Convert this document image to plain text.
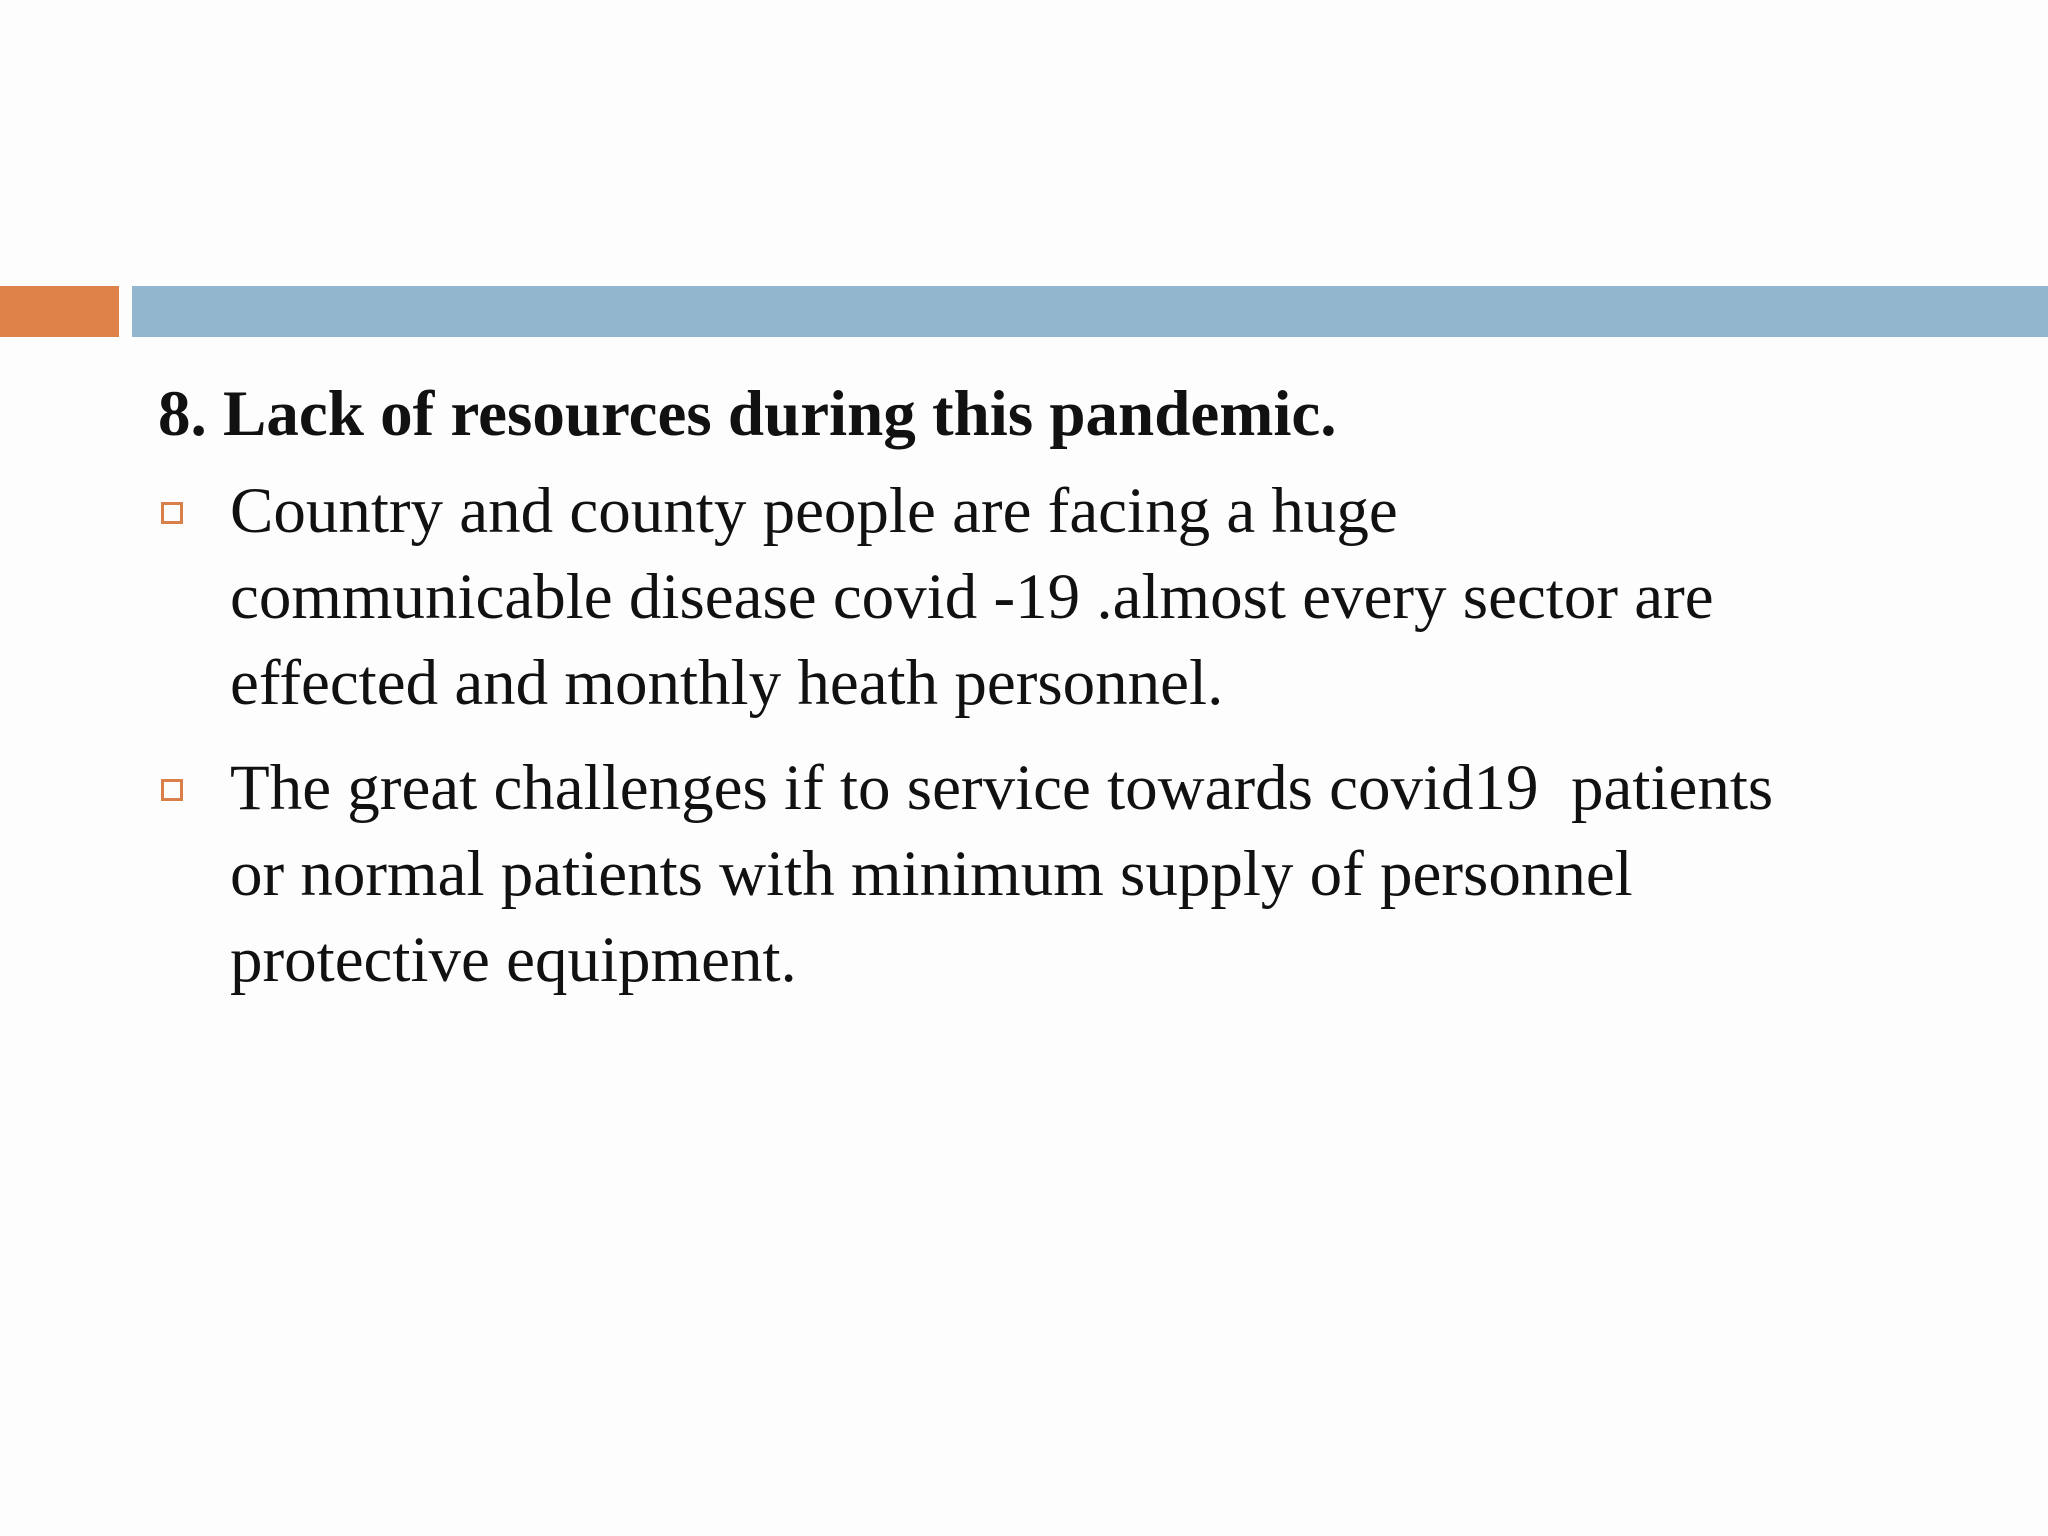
8. Lack of resources during this pandemic.
Country and county people are facing a huge
communicable disease covid -19 .almost every sector are
effected and monthly heath personnel.
The great challenges if to service towards covid19  patients
or normal patients with minimum supply of personnel
protective equipment.
